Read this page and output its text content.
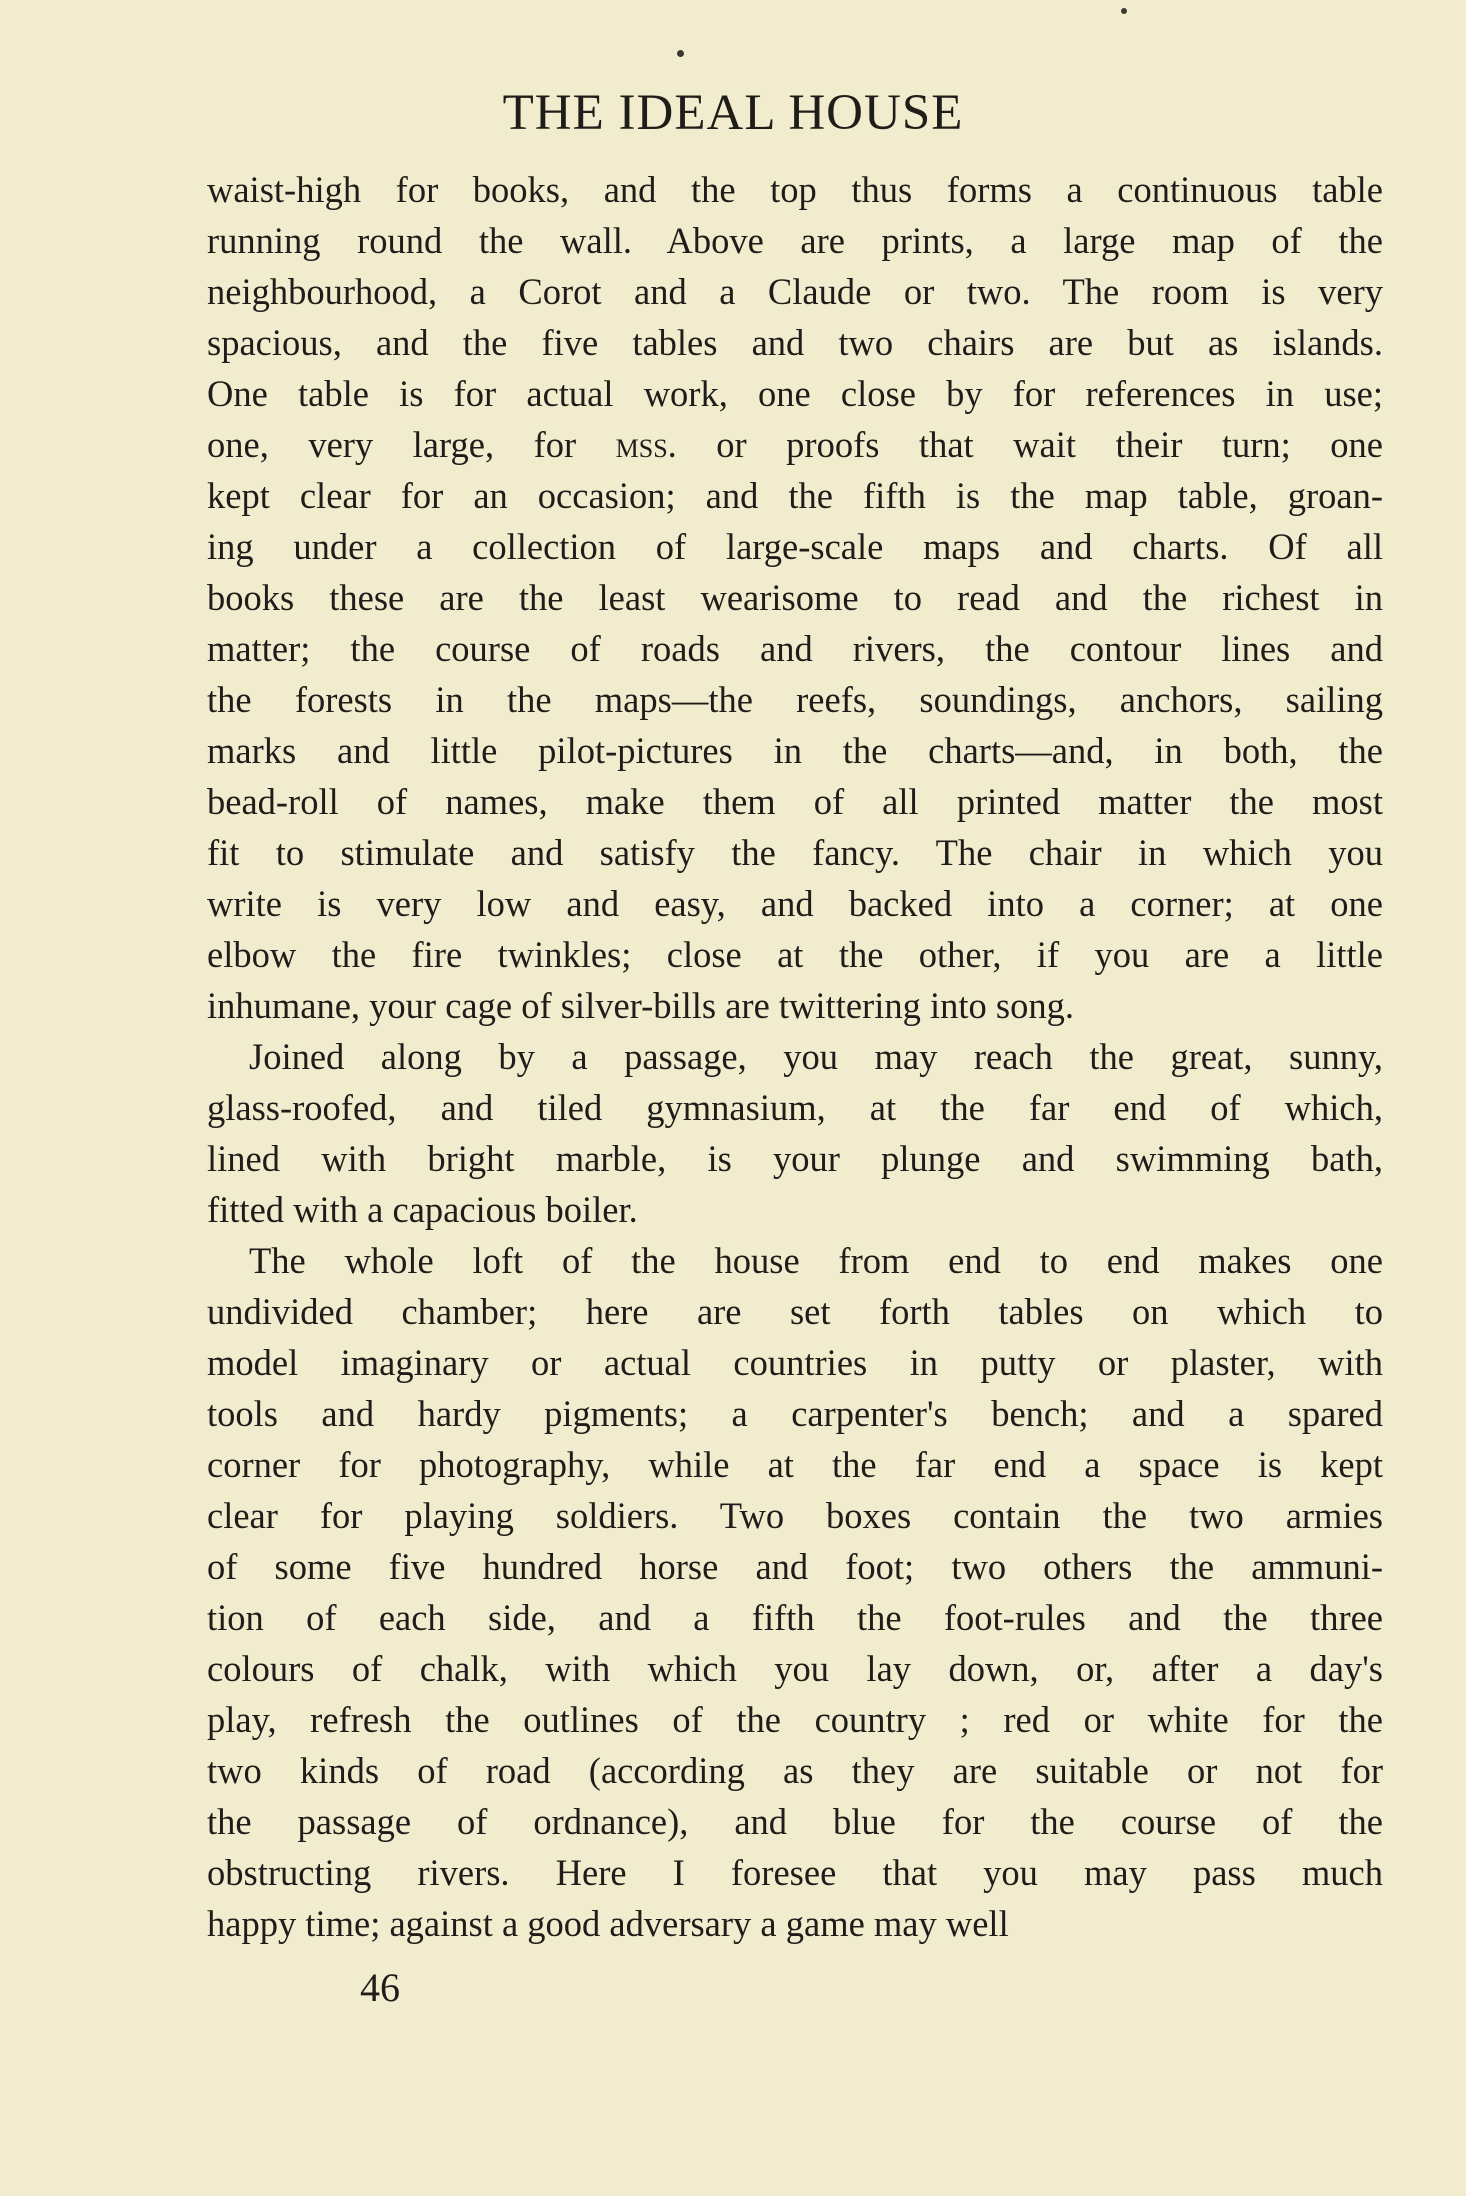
THE IDEAL HOUSE

waist-high for books, and the top thus forms a continuous table
running round the wall. Above are prints, a large map of the
neighbourhood, a Corot and a Claude or two. The room is very
spacious, and the five tables and two chairs are but as islands.
One table is for actual work, one close by for references in use;
one, very large, for mss. or proofs that wait their turn; one
kept clear for an occasion; and the fifth is the map table, groan-
ing under a collection of large-scale maps and charts. Of all
books these are the least wearisome to read and the richest in
matter; the course of roads and rivers, the contour lines and
the forests in the maps—the reefs, soundings, anchors, sailing
marks and little pilot-pictures in the charts—and, in both, the
bead-roll of names, make them of all printed matter the most
fit to stimulate and satisfy the fancy. The chair in which you
write is very low and easy, and backed into a corner; at one
elbow the fire twinkles; close at the other, if you are a little
inhumane, your cage of silver-bills are twittering into song.

Joined along by a passage, you may reach the great, sunny,
glass-roofed, and tiled gymnasium, at the far end of which,
lined with bright marble, is your plunge and swimming bath,
fitted with a capacious boiler.

The whole loft of the house from end to end makes one
undivided chamber; here are set forth tables on which to
model imaginary or actual countries in putty or plaster, with
tools and hardy pigments; a carpenter's bench; and a spared
corner for photography, while at the far end a space is kept
clear for playing soldiers. Two boxes contain the two armies
of some five hundred horse and foot; two others the ammuni-
tion of each side, and a fifth the foot-rules and the three
colours of chalk, with which you lay down, or, after a day's
play, refresh the outlines of the country ; red or white for the
two kinds of road (according as they are suitable or not for
the passage of ordnance), and blue for the course of the
obstructing rivers. Here I foresee that you may pass much
happy time; against a good adversary a game may well

46
